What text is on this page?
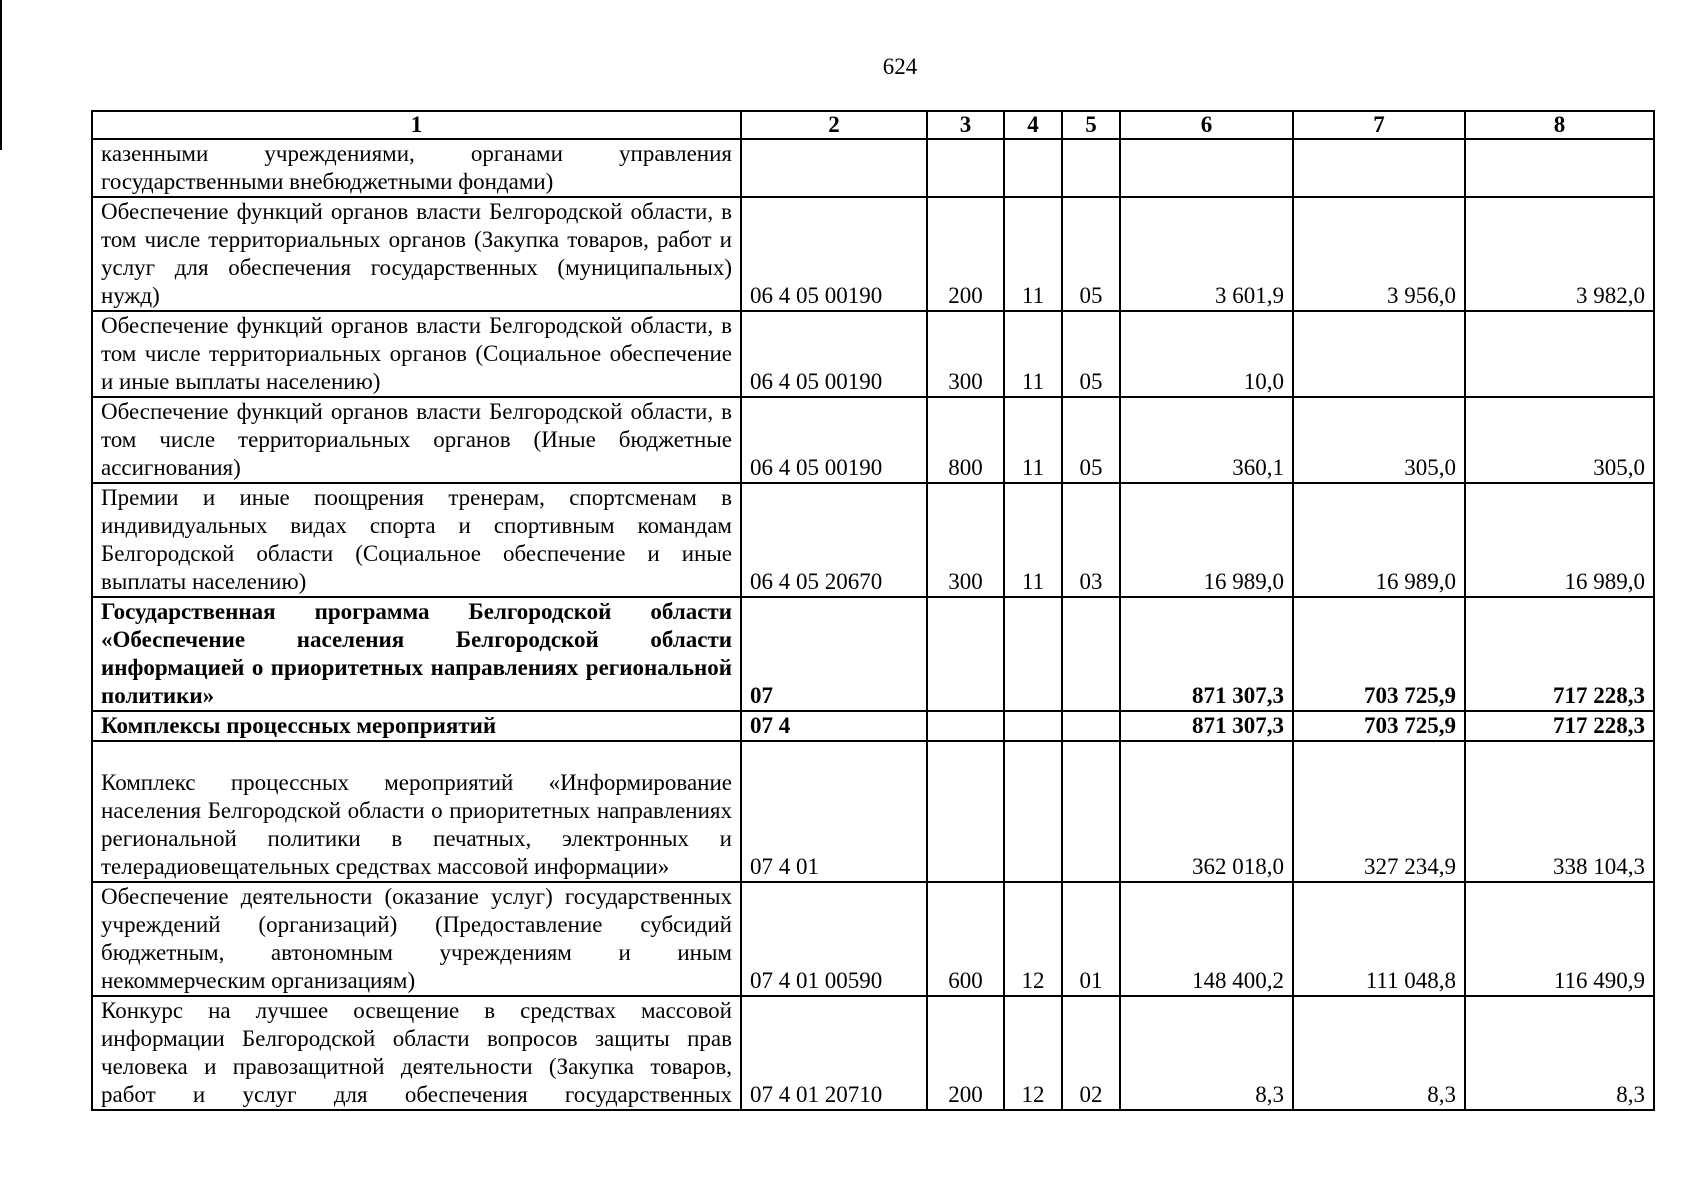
624
1	2	3	4	5	6	7	8
казенными учреждениями, органами управления государственными внебюджетными фондами)							
Обеспечение функций органов власти Белгородской области, в том числе территориальных органов (Закупка товаров, работ и услуг для обеспечения государственных (муниципальных) нужд)	06 4 05 00190	200	11	05	3 601,9	3 956,0	3 982,0
Обеспечение функций органов власти Белгородской области, в том числе территориальных органов (Социальное обеспечение и иные выплаты населению)	06 4 05 00190	300	11	05	10,0		
Обеспечение функций органов власти Белгородской области, в том числе территориальных органов (Иные бюджетные ассигнования)	06 4 05 00190	800	11	05	360,1	305,0	305,0
Премии и иные поощрения тренерам, спортсменам в индивидуальных видах спорта и спортивным командам Белгородской области (Социальное обеспечение и иные выплаты населению)	06 4 05 20670	300	11	03	16 989,0	16 989,0	16 989,0
Государственная программа Белгородской области «Обеспечение населения Белгородской области информацией о приоритетных направлениях региональной политики»	07				871 307,3	703 725,9	717 228,3
Комплексы процессных мероприятий	07 4				871 307,3	703 725,9	717 228,3
Комплекс процессных мероприятий «Информирование населения Белгородской области о приоритетных направлениях региональной политики в печатных, электронных и телерадиовещательных средствах массовой информации»	07 4 01				362 018,0	327 234,9	338 104,3
Обеспечение деятельности (оказание услуг) государственных учреждений (организаций) (Предоставление субсидий бюджетным, автономным учреждениям и иным некоммерческим организациям)	07 4 01 00590	600	12	01	148 400,2	111 048,8	116 490,9
Конкурс на лучшее освещение в средствах массовой информации Белгородской области вопросов защиты прав человека и правозащитной деятельности (Закупка товаров, работ и услуг для обеспечения государственных	07 4 01 20710	200	12	02	8,3	8,3	8,3
